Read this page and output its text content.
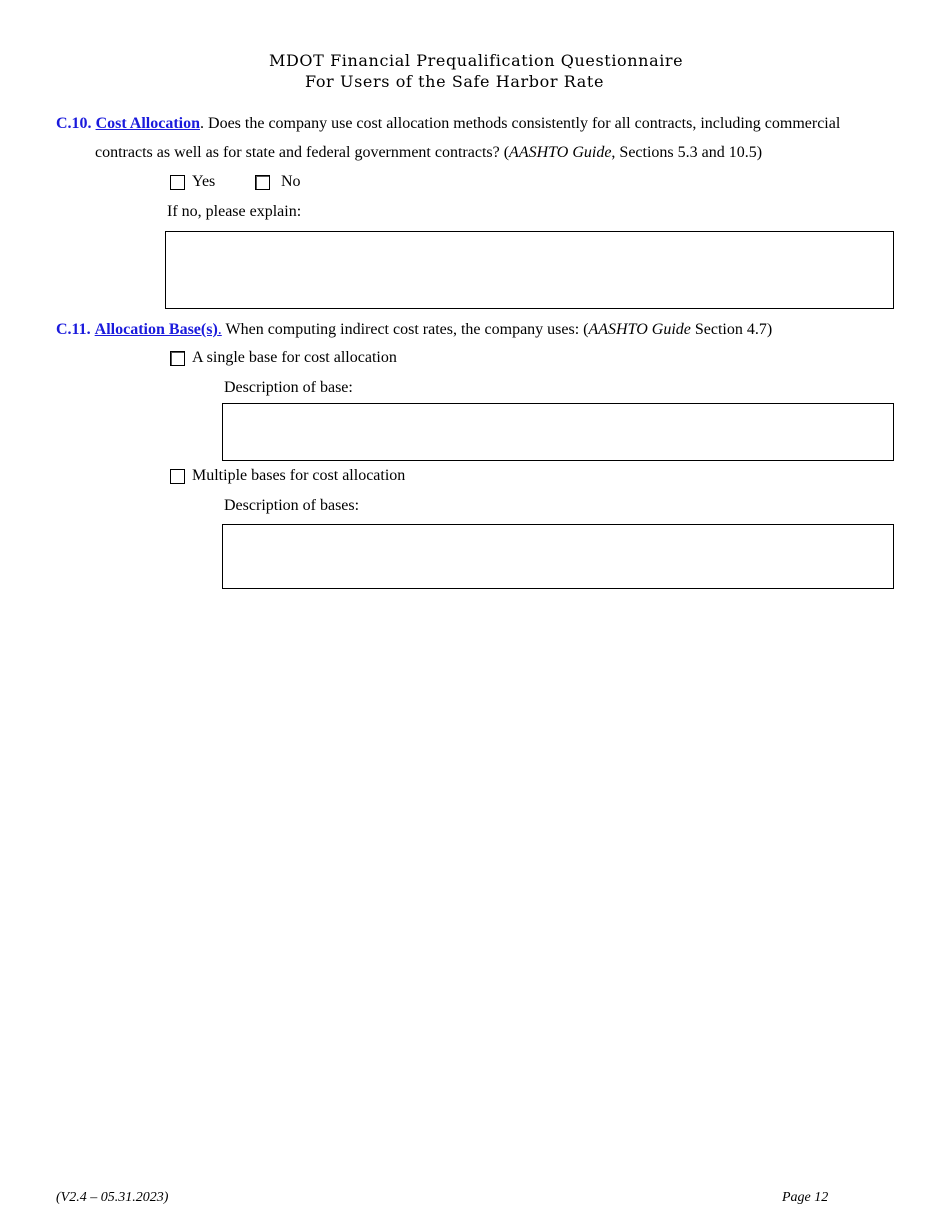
MDOT Financial Prequalification Questionnaire
For Users of the Safe Harbor Rate
C.10. Cost Allocation. Does the company use cost allocation methods consistently for all contracts, including commercial
contracts as well as for state and federal government contracts? (AASHTO Guide, Sections 5.3 and 10.5)
Yes	No
If no, please explain:
C.11. Allocation Base(s). When computing indirect cost rates, the company uses: (AASHTO Guide Section 4.7)
A single base for cost allocation
Description of base:
Multiple bases for cost allocation
Description of bases:
(V2.4 – 05.31.2023)	Page 12
